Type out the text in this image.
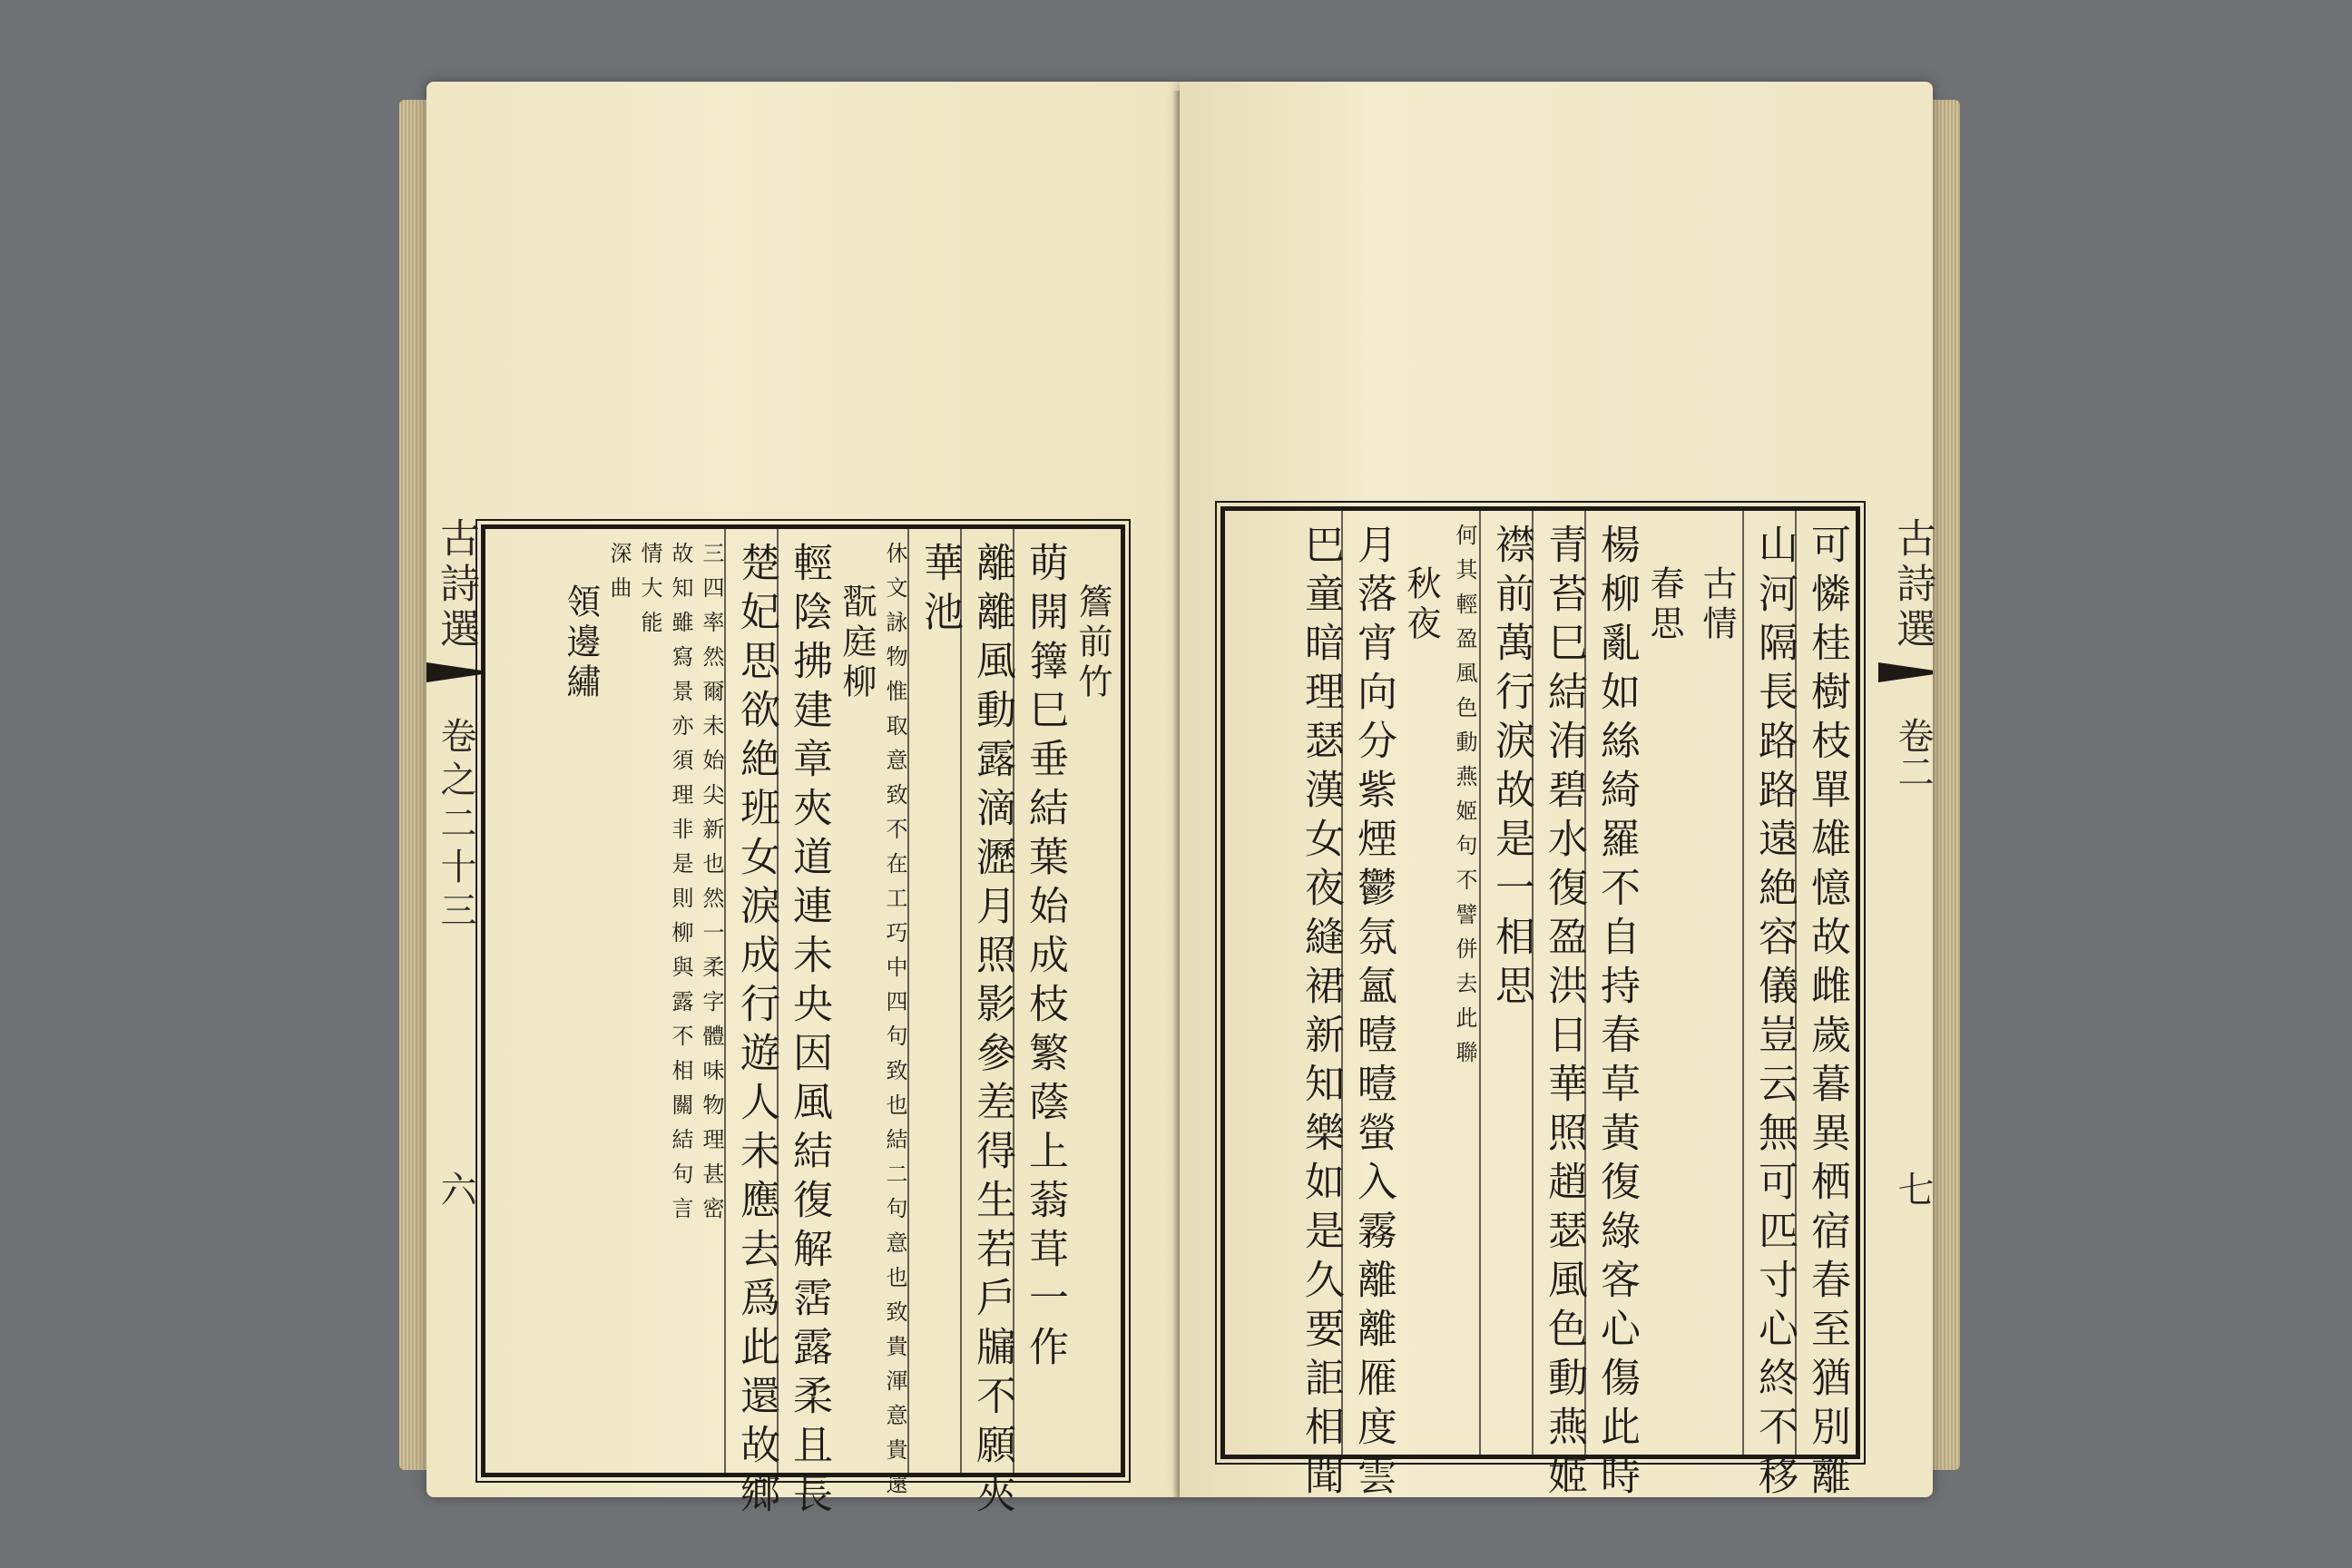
古詩選
卷之二十三
六
簷前竹
萌開籜巳垂結葉始成枝繁蔭上蓊茸一作
離離風動露滴瀝月照影參差得生若戶牖不願夾
華池
休文詠物惟取意致不在工巧中四句致也結二句意也致貴渾意貴遠
翫庭柳
輕陰拂建章夾道連未央因風結復解霑露柔且長
楚妃思欲絶班女淚成行遊人未應去爲此還故鄉
三四率然爾未始尖新也然一柔字體味物理甚密
故知雖寫景亦須理非是則柳與露不相關結句言
情大能
深曲
領邊繡	古詩選
卷二
七
可憐桂樹枝單雄憶故雌歲暮異栖宿春至猶別離
山河隔長路路遠絶容儀豈云無可匹寸心終不移
古情
春思
楊柳亂如絲綺羅不自持春草黃復綠客心傷此時
青苔巳結洧碧水復盈洪日華照趙瑟風色動燕姬
襟前萬行淚故是一相思
何其輕盈風色動燕姬句不譬併去此聯
秋夜
月落宵向分紫煙鬱氛氳曀曀螢入霧離離雁度雲
巴童暗理瑟漢女夜縫裙新知樂如是久要詎相聞
